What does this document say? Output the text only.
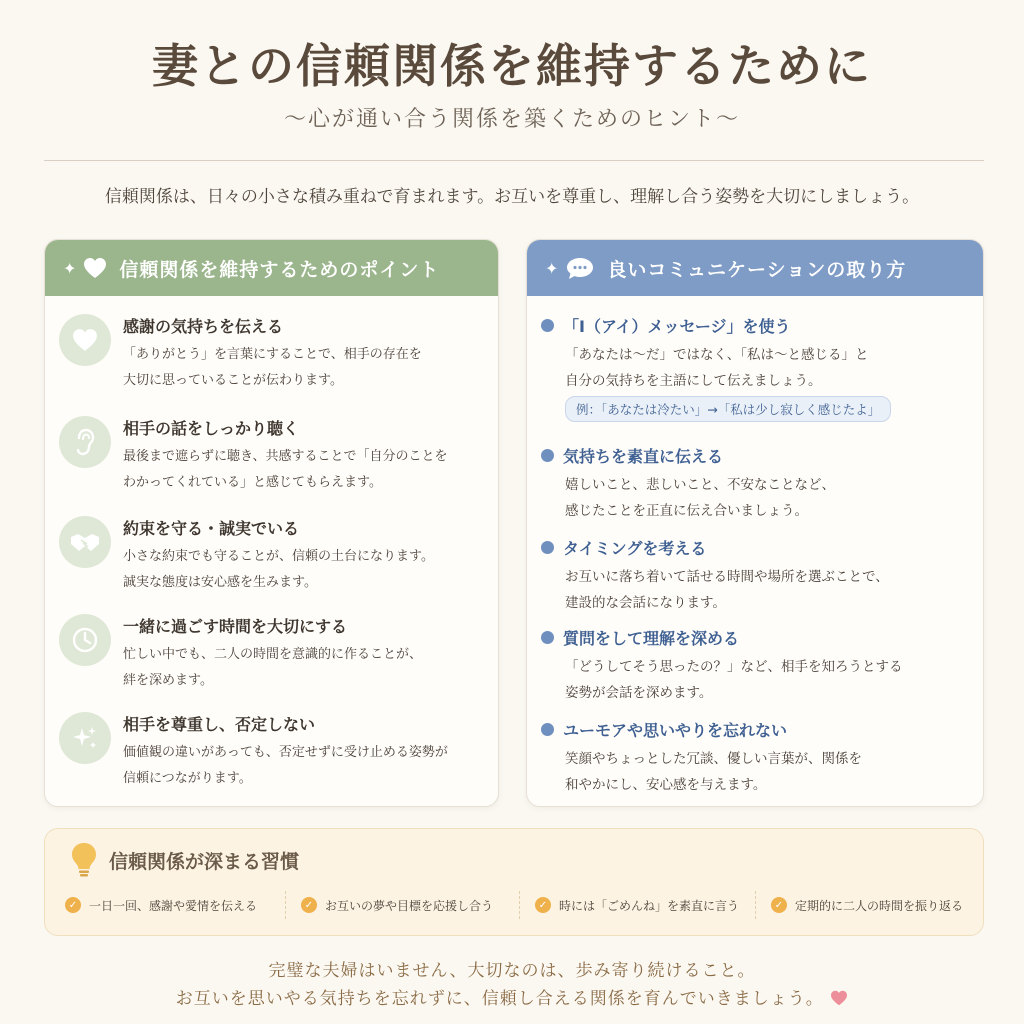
妻との信頼関係を維持するために
〜心が通い合う関係を築くためのヒント〜
信頼関係は、日々の小さな積み重ねで育まれます。お互いを尊重し、理解し合う姿勢を大切にしましょう。
✦ 信頼関係を維持するためのポイント
感謝の気持ちを伝える
「ありがとう」を言葉にすることで、相手の存在を
大切に思っていることが伝わります。
相手の話をしっかり聴く
最後まで遮らずに聴き、共感することで「自分のことを
わかってくれている」と感じてもらえます。
約束を守る・誠実でいる
小さな約束でも守ることが、信頼の土台になります。
誠実な態度は安心感を生みます。
一緒に過ごす時間を大切にする
忙しい中でも、二人の時間を意識的に作ることが、
絆を深めます。
相手を尊重し、否定しない
価値観の違いがあっても、否定せずに受け止める姿勢が
信頼につながります。
✦	良いコミュニケーションの取り方
「I（アイ）メッセージ」を使う
「あなたは〜だ」ではなく、「私は〜と感じる」と
自分の気持ちを主語にして伝えましょう。
例：「あなたは冷たい」→「私は少し寂しく感じたよ」
気持ちを素直に伝える
嬉しいこと、悲しいこと、不安なことなど、
感じたことを正直に伝え合いましょう。
タイミングを考える
お互いに落ち着いて話せる時間や場所を選ぶことで、
建設的な会話になります。
質問をして理解を深める
「どうしてそう思ったの？」など、相手を知ろうとする
姿勢が会話を深めます。
ユーモアや思いやりを忘れない
笑顔やちょっとした冗談、優しい言葉が、関係を
和やかにし、安心感を与えます。
信頼関係が深まる習慣
✓ 一日一回、感謝や愛情を伝える	✓ お互いの夢や目標を応援し合う	✓ 時には「ごめんね」を素直に言う	✓ 定期的に二人の時間を振り返る
完璧な夫婦はいません、大切なのは、歩み寄り続けること。
お互いを思いやる気持ちを忘れずに、信頼し合える関係を育んでいきましょう。
